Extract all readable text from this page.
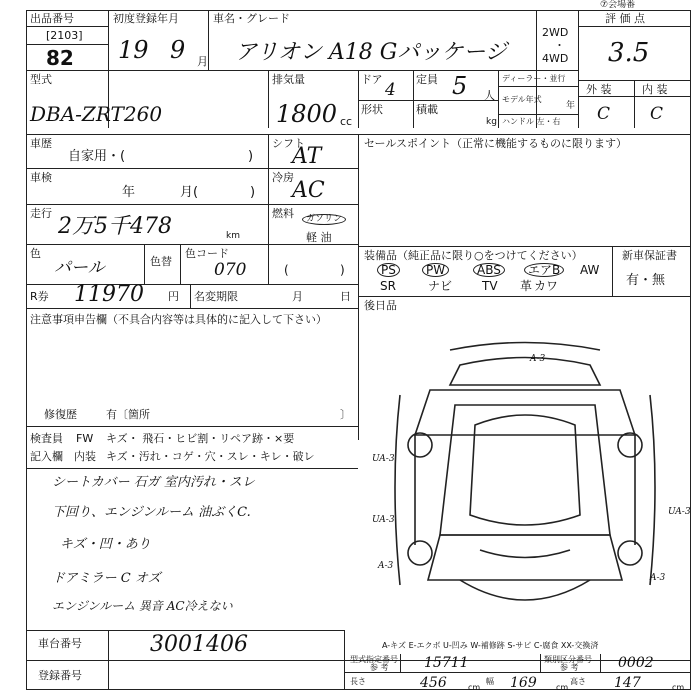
⑦会場番
出品番号
[2103]
82
初度登録年月
19 9 月
車名・グレード
アリオン A18 Gパッケージ
2WD
・
4WD
評 価 点
3.5
型式
DBA-ZRT260
排気量
1800 cc
ドア
4
定員 5 人
形状	積載
kg
ディーラー・並行
モデル年式
年
ハンドル 左・右
外 装	内 装
C C
車歴
自家用・(	)
シフト
AT
車検
年	月(	)
冷房
AC
走行
2万5千478	km
燃料	ガソリン
軽 油
(	)
色
パール	色替
色コード
070
R券 11970 円 名変期限	月	日
セールスポイント（正常に機能するものに限ります）
装備品（純正品に限り○をつけてください）	新車保証書
有・無
PS	PW	ABS	エアB	AW
SR	ナビ TV 革 カワ
後日品
注意事項申告欄（不具合内容等は具体的に記入して下さい）
修復歴	有〔箇所	〕
検査員
記入欄
FW
内装
キズ・ 飛石・ヒビ割・リペア跡・×要
キズ・汚れ・コゲ・穴・スレ・キレ・破レ
シートカバー 石ガ 室内汚れ・スレ
下回り、エンジンルーム 油ぶくC.
キズ・凹・あり
ドアミラー C オズ
エンジンルーム 異音 AC冷えない
A-3
UA-3
UA-3
UA-3
A-3
A-3
A-キズ E-エクボ U-凹み W-補修跡 S-サビ C-腐食 XX-交換済
車台番号	3001406
登録番号
型式指定番号
参 考	15711	類別区分番号
参 考	0002
長さ	456	cm
幅 169 cm
高さ 147	cm
